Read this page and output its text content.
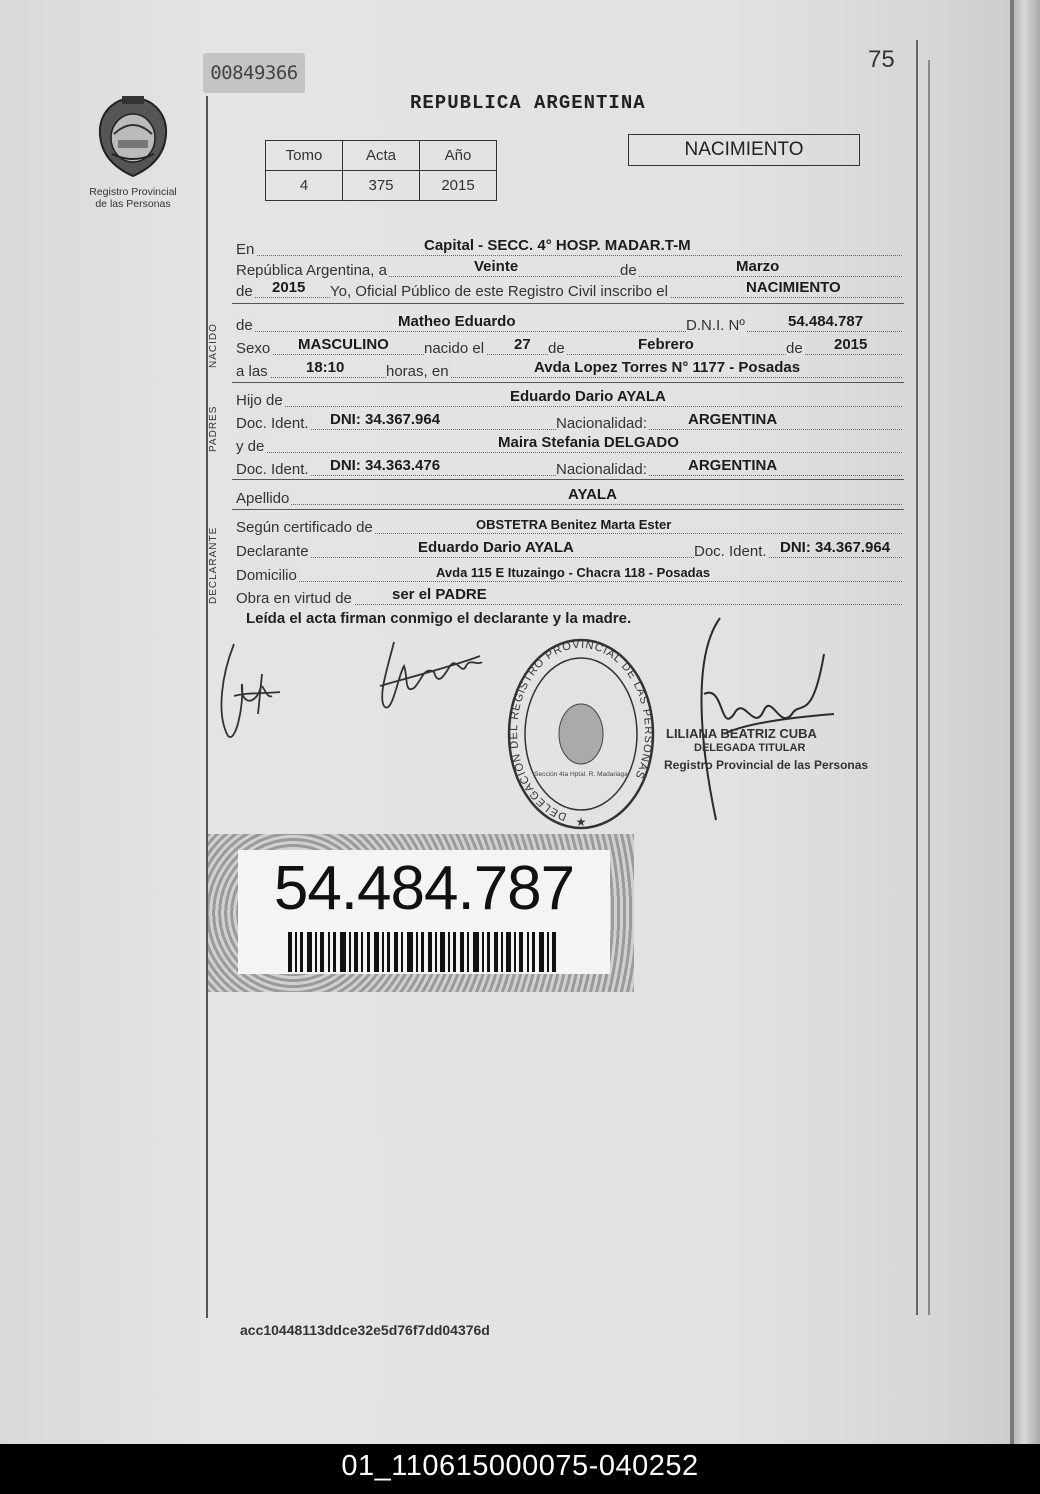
00849366	75
REPUBLICA ARGENTINA
Registro Provincial
de las Personas
Tomo	Acta	Año
4	375	2015
NACIMIENTO
En	Capital - SECC. 4° HOSP. MADAR.T-M
República Argentina, a	Veinte	de	Marzo
de 2015 Yo, Oficial Público de este Registro Civil inscribo el	NACIMIENTO
NACIDO de	Matheo Eduardo	D.N.I. Nº	54.484.787
Sexo MASCULINO nacido el 27 de	Febrero	de 2015
a las	18:10	horas, en	Avda Lopez Torres N° 1177 - Posadas
PADRES
Hijo de	Eduardo Dario AYALA
Doc. Ident. DNI: 34.367.964	Nacionalidad:	ARGENTINA
y de	Maira Stefania DELGADO
Doc. Ident. DNI: 34.363.476	Nacionalidad:	ARGENTINA
Apellido	AYALA
DECLARANTE Según certificado de	OBSTETRA Benitez Marta Ester
Declarante	Eduardo Dario AYALA	Doc. Ident. DNI: 34.367.964
Domicilio	Avda 115 E Ituzaingo - Chacra 118 - Posadas
Obra en virtud de	ser el PADRE
Leída el acta firman conmigo el declarante y la madre.
DELEGACION DEL REGISTRO PROVINCIAL DE LAS PERSONAS
Sección 4ta Hptal. R. Madariaga
★
LILIANA BEATRIZ CUBA
DELEGADA TITULAR
Registro Provincial de las Personas
54.484.787
acc10448113ddce32e5d76f7dd04376d
01_110615000075-040252
